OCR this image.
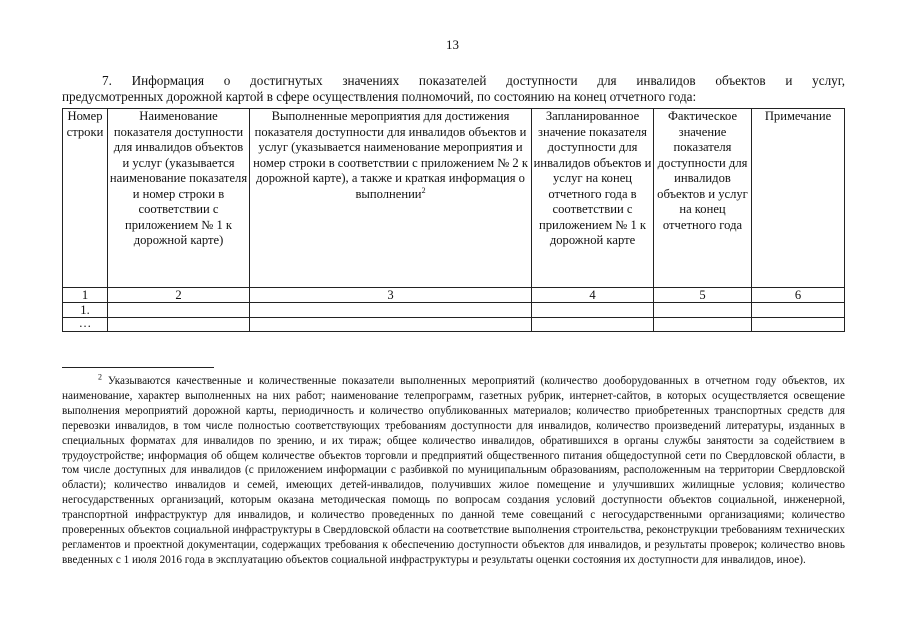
13
7. Информация о достигнутых значениях показателей доступности для инвалидов объектов и услуг,
предусмотренных дорожной картой в сфере осуществления полномочий, по состоянию на конец отчетного года:
Номер строки	Наименование показателя доступности для инвалидов объектов и услуг (указывается наименование показателя и номер строки в соответствии с приложением № 1 к дорожной карте)	Выполненные мероприятия для достижения показателя доступности для инвалидов объектов и услуг (указывается наименование мероприятия и номер строки в соответствии с приложением № 2 к дорожной карте), а также и краткая информация о выполнении$^2$	Запланированное значение показателя доступности для инвалидов объектов и услуг на конец отчетного года в соответствии с приложением № 1 к дорожной карте	Фактическое значение показателя доступности для инвалидов объектов и услуг на конец отчетного года	Примечание
1	2	3	4	5	6
1.					
…					
$^2$ Указываются качественные и количественные показатели выполненных мероприятий (количество дооборудованных в отчетном году объектов, их наименование, характер выполненных на них работ; наименование телепрограмм, газетных рубрик, интернет-сайтов, в которых осуществляется освещение выполнения мероприятий дорожной карты, периодичность и количество опубликованных материалов; количество приобретенных транспортных средств для перевозки инвалидов, в том числе полностью соответствующих требованиям доступности для инвалидов, количество произведений литературы, изданных в специальных форматах для инвалидов по зрению, и их тираж; общее количество инвалидов, обратившихся в органы службы занятости за содействием в трудоустройстве; информация об общем количестве объектов торговли и предприятий общественного питания общедоступной сети по Свердловской области, в том числе доступных для инвалидов (с приложением информации с разбивкой по муниципальным образованиям, расположенным на территории Свердловской области); количество инвалидов и семей, имеющих детей-инвалидов, получивших жилое помещение и улучшивших жилищные условия; количество негосударственных организаций, которым оказана методическая помощь по вопросам создания условий доступности объектов социальной, инженерной, транспортной инфраструктур для инвалидов, и количество проведенных по данной теме совещаний с негосударственными организациями; количество проверенных объектов социальной инфраструктуры в Свердловской области на соответствие выполнения строительства, реконструкции требованиям технических регламентов и проектной документации, содержащих требования к обеспечению доступности объектов для инвалидов, и результаты проверок; количество вновь введенных с 1 июля 2016 года в эксплуатацию объектов социальной инфраструктуры и результаты оценки состояния их доступности для инвалидов, иное).
